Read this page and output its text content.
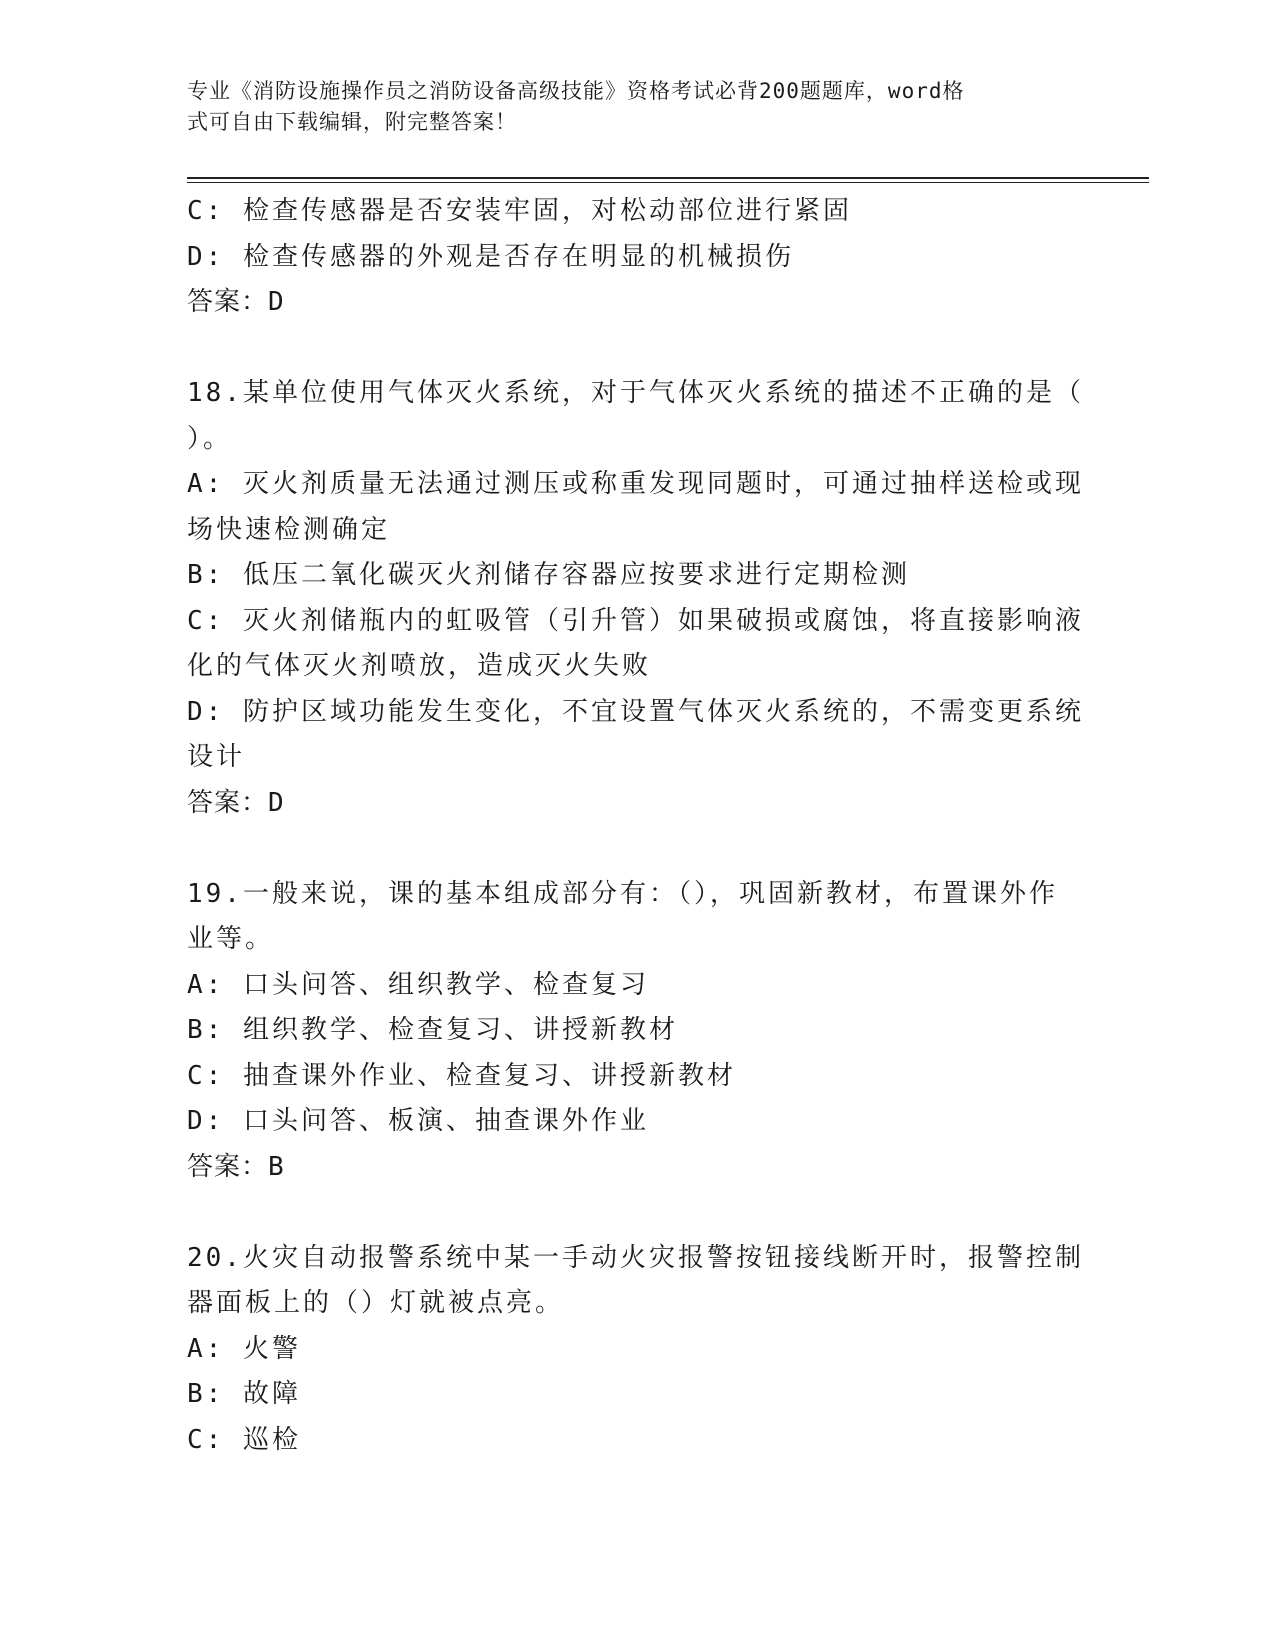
专业《消防设施操作员之消防设备高级技能》资格考试必背200题题库，word格
式可自由下载编辑，附完整答案！
C: 检查传感器是否安装牢固，对松动部位进行紧固
D: 检查传感器的外观是否存在明显的机械损伤
答案：D
18.某单位使用气体灭火系统，对于气体灭火系统的描述不正确的是（
）。
A: 灭火剂质量无法通过测压或称重发现同题时，可通过抽样送检或现
场快速检测确定
B: 低压二氧化碳灭火剂储存容器应按要求进行定期检测
C: 灭火剂储瓶内的虹吸管（引升管）如果破损或腐蚀，将直接影响液
化的气体灭火剂喷放，造成灭火失败
D: 防护区域功能发生变化，不宜设置气体灭火系统的，不需变更系统
设计
答案：D
19.一般来说，课的基本组成部分有：（），巩固新教材，布置课外作
业等。
A: 口头问答、组织教学、检查复习
B: 组织教学、检查复习、讲授新教材
C: 抽查课外作业、检查复习、讲授新教材
D: 口头问答、板演、抽查课外作业
答案：B
20.火灾自动报警系统中某一手动火灾报警按钮接线断开时，报警控制
器面板上的（）灯就被点亮。
A: 火警
B: 故障
C: 巡检
